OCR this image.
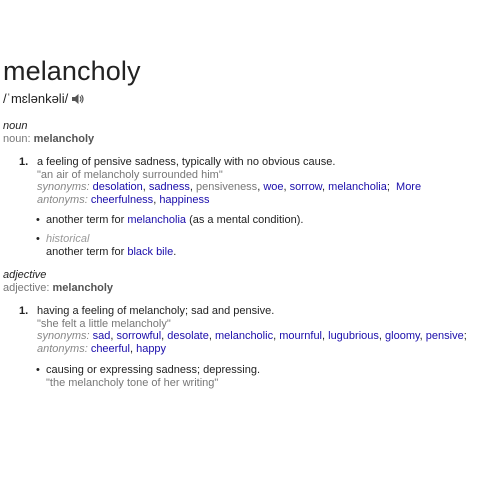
melancholy
/ˈmɛlənkəli/
noun
noun: melancholy
1. a feeling of pensive sadness, typically with no obvious cause.
"an air of melancholy surrounded him"
synonyms: desolation, sadness, pensiveness, woe, sorrow, melancholia;  More
antonyms: cheerfulness, happiness
• another term for melancholia (as a mental condition).
• historical
another term for black bile.
adjective
adjective: melancholy
1. having a feeling of melancholy; sad and pensive.
"she felt a little melancholy"
synonyms: sad, sorrowful, desolate, melancholic, mournful, lugubrious, gloomy, pensive;
antonyms: cheerful, happy
• causing or expressing sadness; depressing.
"the melancholy tone of her writing"
